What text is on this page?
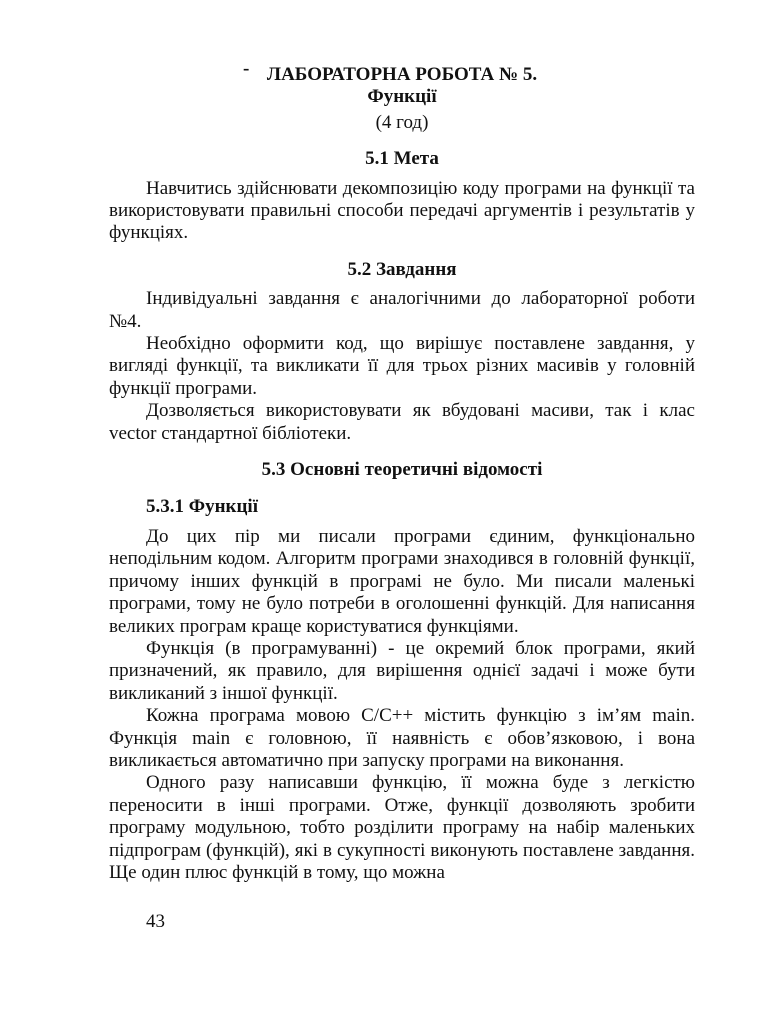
- ЛАБОРАТОРНА РОБОТА № 5.

Функції

(4 год)

5.1 Мета

Навчитись здійснювати декомпозицію коду програми на функції та використовувати правильні способи передачі аргументів і результатів у функціях.

5.2 Завдання

Індивідуальні завдання є аналогічними до лабораторної роботи №4.

Необхідно оформити код, що вирішує поставлене завдання, у вигляді функції, та викликати її для трьох різних масивів у головній функції програми.

Дозволяється використовувати як вбудовані масиви, так і клас vector стандартної бібліотеки.

5.3 Основні теоретичні відомості

5.3.1 Функції

До цих пір ми писали програми єдиним, функціонально неподільним кодом. Алгоритм програми знаходився в головній функції, причому інших функцій в програмі не було. Ми писали маленькі програми, тому не було потреби в оголошенні функцій. Для написання великих програм краще користуватися функціями.

Функція (в програмуванні) - це окремий блок програми, який призначений, як правило, для вирішення однієї задачі і може бути викликаний з іншої функції.

Кожна програма мовою С/С++ містить функцію з ім’ям main. Функція main є головною, її наявність є обов’язковою, і вона викликається автоматично при запуску програми на виконання.

Одного разу написавши функцію, її можна буде з легкістю переносити в інші програми. Отже, функції дозволяють зробити програму модульною, тобто розділити програму на набір маленьких підпрограм (функцій), які в сукупності виконують поставлене завдання. Ще один плюс функцій в тому, що можна

43
